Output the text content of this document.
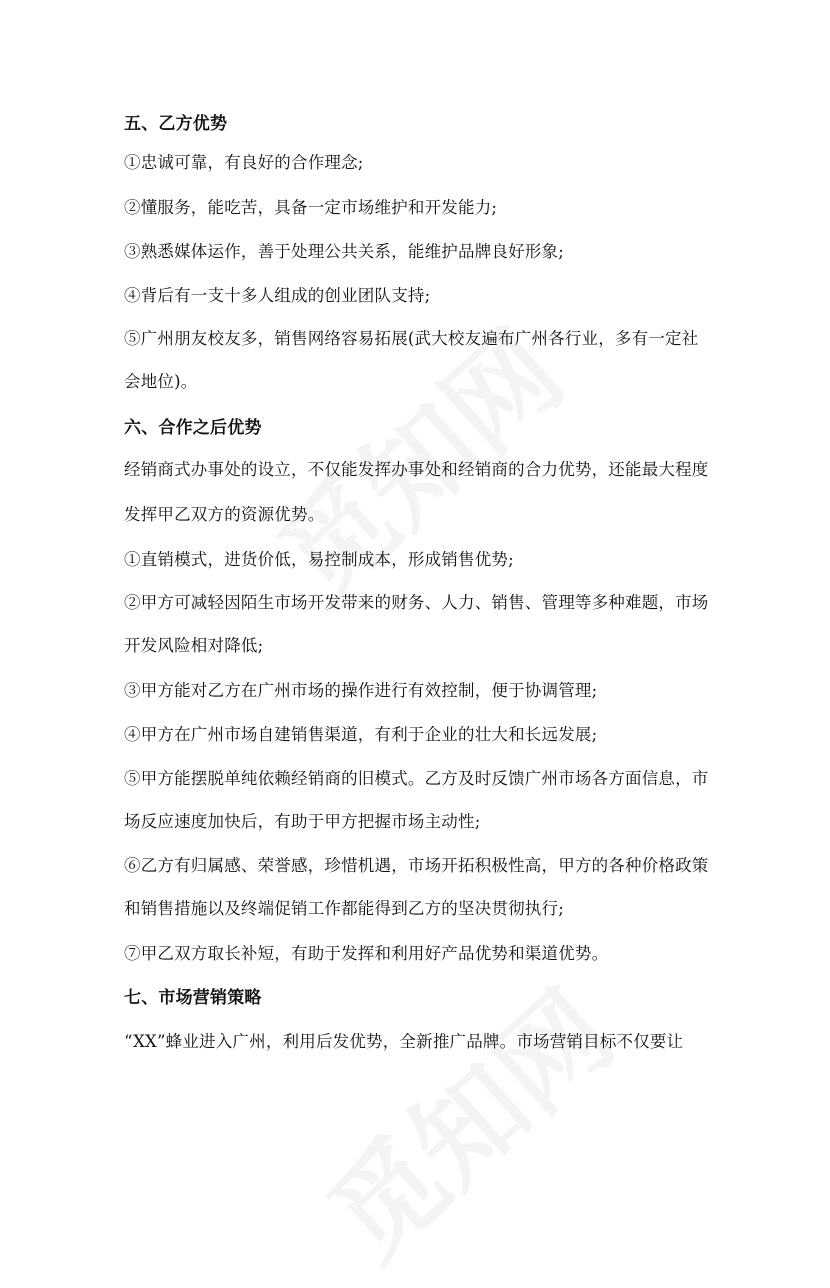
五、乙方优势
①忠诚可靠，有良好的合作理念;
②懂服务，能吃苦，具备一定市场维护和开发能力;
③熟悉媒体运作，善于处理公共关系，能维护品牌良好形象;
④背后有一支十多人组成的创业团队支持;
⑤广州朋友校友多，销售网络容易拓展(武大校友遍布广州各行业，多有一定社
会地位)。
六、合作之后优势
经销商式办事处的设立，不仅能发挥办事处和经销商的合力优势，还能最大程度
发挥甲乙双方的资源优势。
①直销模式，进货价低，易控制成本，形成销售优势;
②甲方可减轻因陌生市场开发带来的财务、人力、销售、管理等多种难题，市场
开发风险相对降低;
③甲方能对乙方在广州市场的操作进行有效控制，便于协调管理;
④甲方在广州市场自建销售渠道，有利于企业的壮大和长远发展;
⑤甲方能摆脱单纯依赖经销商的旧模式。乙方及时反馈广州市场各方面信息，市
场反应速度加快后，有助于甲方把握市场主动性;
⑥乙方有归属感、荣誉感，珍惜机遇，市场开拓积极性高，甲方的各种价格政策
和销售措施以及终端促销工作都能得到乙方的坚决贯彻执行;
⑦甲乙双方取长补短，有助于发挥和利用好产品优势和渠道优势。
七、市场营销策略
“XX”蜂业进入广州，利用后发优势，全新推广品牌。市场营销目标不仅要让
